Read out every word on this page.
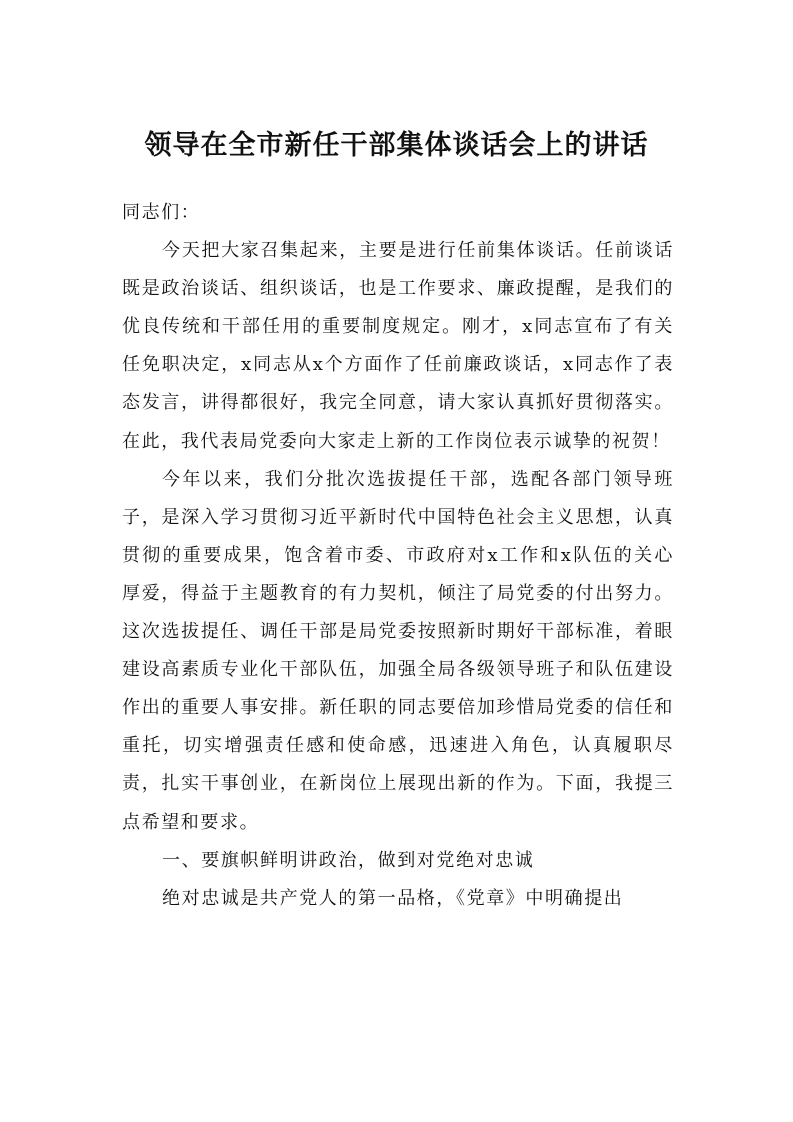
领导在全市新任干部集体谈话会上的讲话

同志们：

今天把大家召集起来，主要是进行任前集体谈话。任前谈话既是政治谈话、组织谈话，也是工作要求、廉政提醒，是我们的优良传统和干部任用的重要制度规定。刚才，x同志宣布了有关任免职决定，x同志从x个方面作了任前廉政谈话，x同志作了表态发言，讲得都很好，我完全同意，请大家认真抓好贯彻落实。在此，我代表局党委向大家走上新的工作岗位表示诚挚的祝贺！

今年以来，我们分批次选拔提任干部，选配各部门领导班子，是深入学习贯彻习近平新时代中国特色社会主义思想，认真贯彻的重要成果，饱含着市委、市政府对x工作和x队伍的关心厚爱，得益于主题教育的有力契机，倾注了局党委的付出努力。这次选拔提任、调任干部是局党委按照新时期好干部标准，着眼建设高素质专业化干部队伍，加强全局各级领导班子和队伍建设作出的重要人事安排。新任职的同志要倍加珍惜局党委的信任和重托，切实增强责任感和使命感，迅速进入角色，认真履职尽责，扎实干事创业，在新岗位上展现出新的作为。下面，我提三点希望和要求。

一、要旗帜鲜明讲政治，做到对党绝对忠诚

绝对忠诚是共产党人的第一品格，《党章》中明确提出
